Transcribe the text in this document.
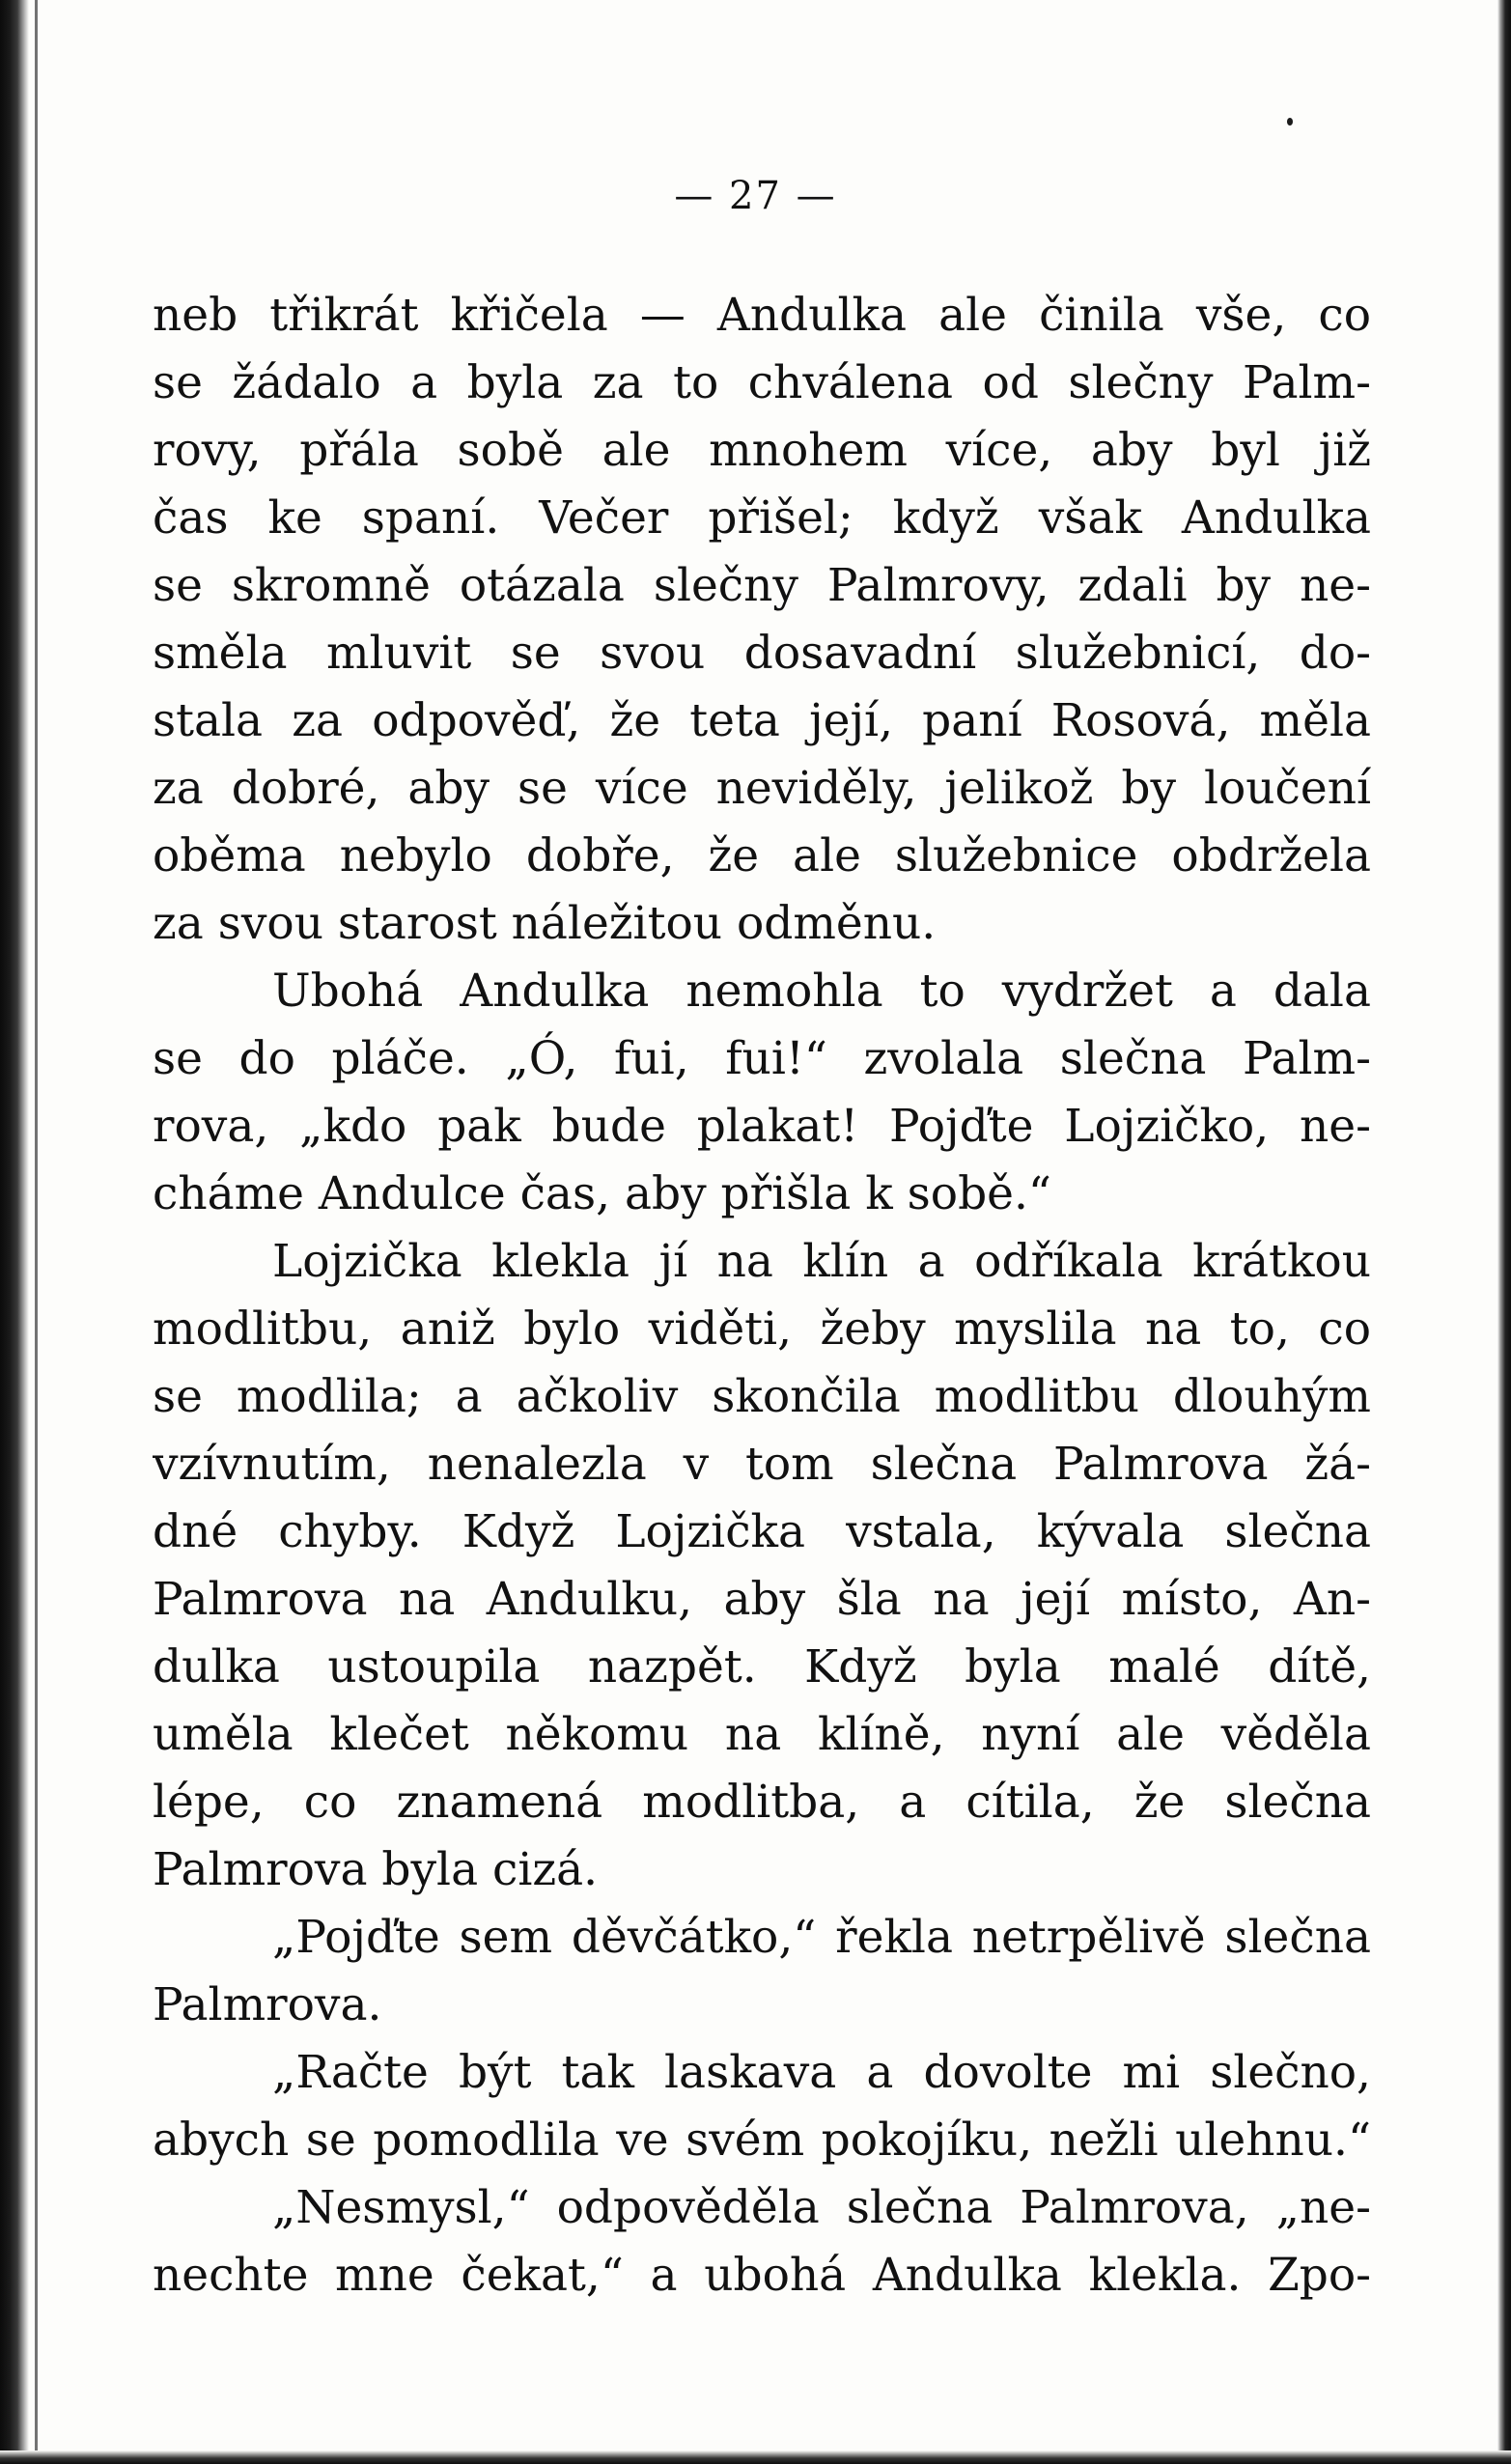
— 27 —
neb třikrát křičela — Andulka ale činila vše, co
se žádalo a byla za to chválena od slečny Palm-
rovy, přála sobě ale mnohem více, aby byl již
čas ke spaní. Večer přišel; když však Andulka
se skromně otázala slečny Palmrovy, zdali by ne-
směla mluvit se svou dosavadní služebnicí, do-
stala za odpověď, že teta její, paní Rosová, měla
za dobré, aby se více neviděly, jelikož by loučení
oběma nebylo dobře, že ale služebnice obdržela
za svou starost náležitou odměnu.
Ubohá Andulka nemohla to vydržet a dala
se do pláče. „Ó, fui, fui!“ zvolala slečna Palm-
rova, „kdo pak bude plakat! Pojďte Lojzičko, ne-
cháme Andulce čas, aby přišla k sobě.“
Lojzička klekla jí na klín a odříkala krátkou
modlitbu, aniž bylo viděti, žeby myslila na to, co
se modlila; a ačkoliv skončila modlitbu dlouhým
vzívnutím, nenalezla v tom slečna Palmrova žá-
dné chyby. Když Lojzička vstala, kývala slečna
Palmrova na Andulku, aby šla na její místo, An-
dulka ustoupila nazpět. Když byla malé dítě,
uměla klečet někomu na klíně, nyní ale věděla
lépe, co znamená modlitba, a cítila, že slečna
Palmrova byla cizá.
„Pojďte sem děvčátko,“ řekla netrpělivě slečna
Palmrova.
„Račte být tak laskava a dovolte mi slečno,
abych se pomodlila ve svém pokojíku, nežli ulehnu.“
„Nesmysl,“ odpověděla slečna Palmrova, „ne-
nechte mne čekat,“ a ubohá Andulka klekla. Zpo-
